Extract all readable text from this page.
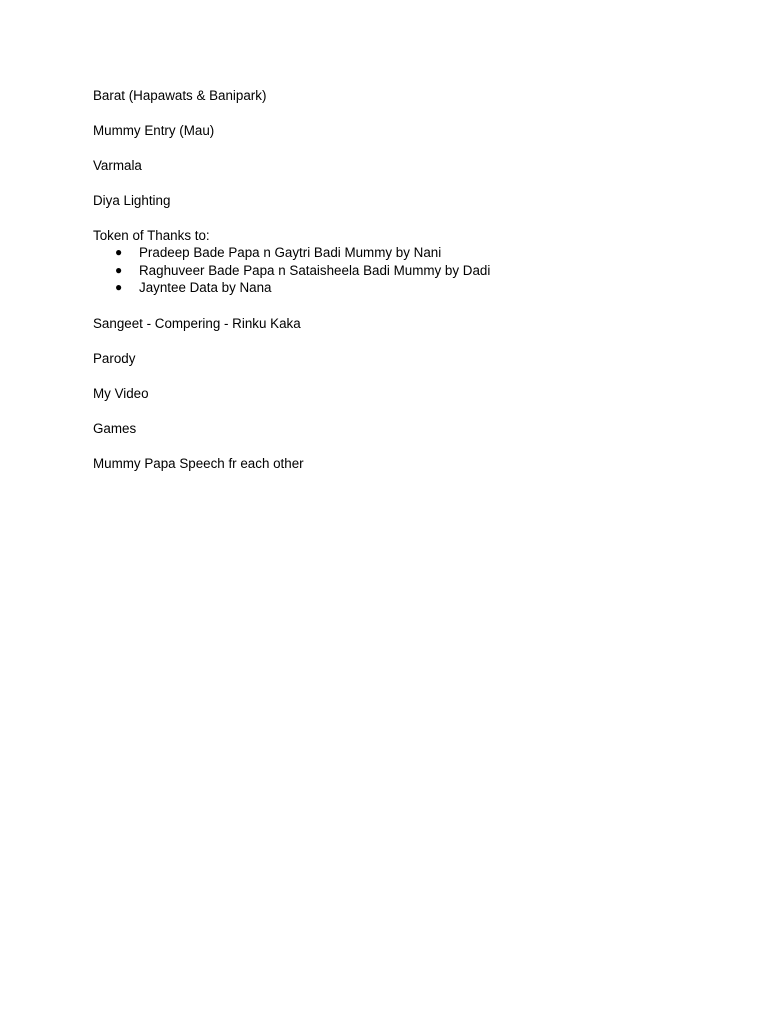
Barat (Hapawats & Banipark)

Mummy Entry (Mau)

Varmala

Diya Lighting

Token of Thanks to:

● Pradeep Bade Papa n Gaytri Badi Mummy by Nani
● Raghuveer Bade Papa n Sataisheela Badi Mummy by Dadi
● Jayntee Data by Nana

Sangeet - Compering - Rinku Kaka

Parody

My Video

Games

Mummy Papa Speech fr each other
